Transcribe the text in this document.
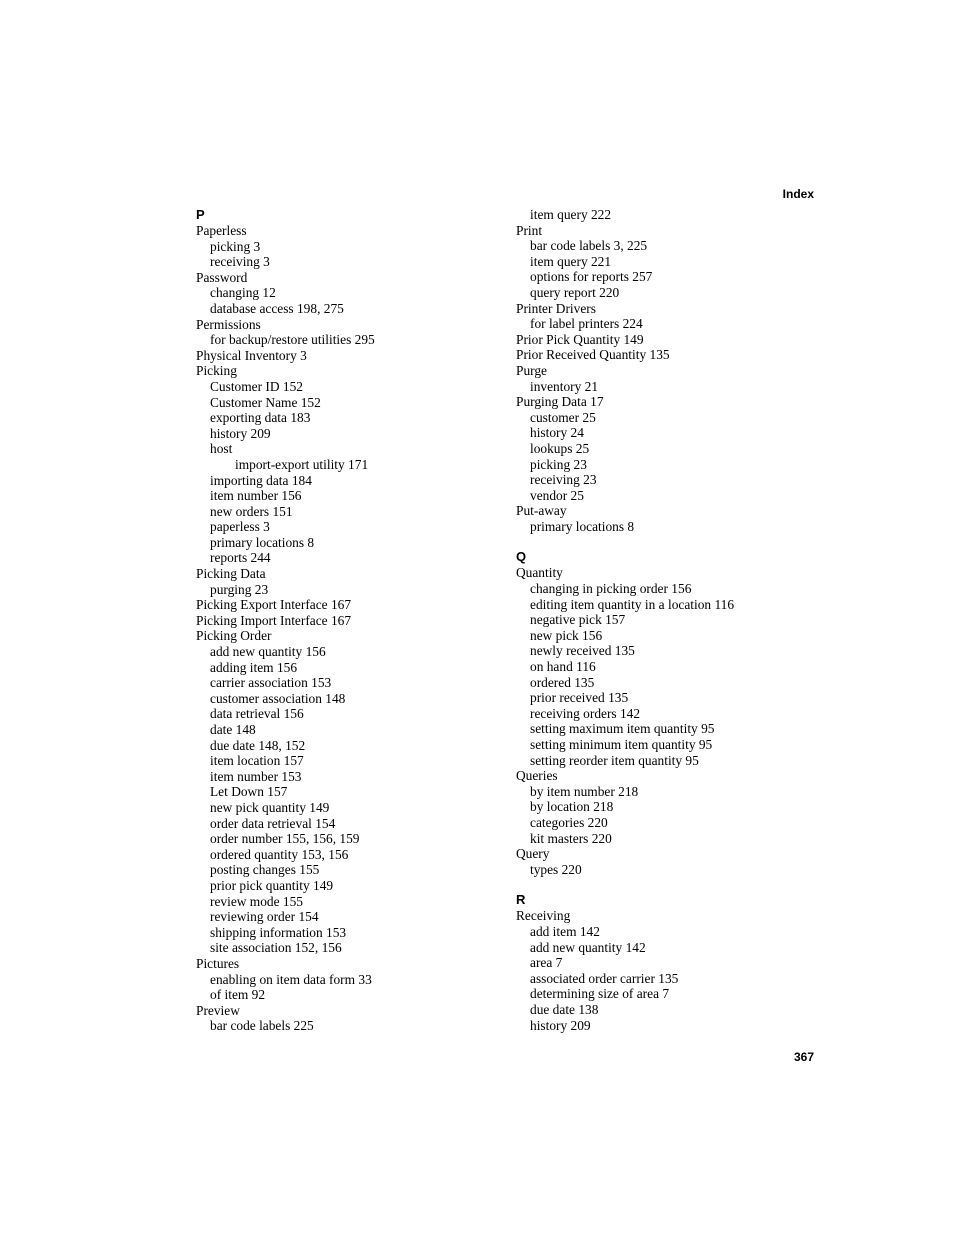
Index
P
Paperless
picking 3
receiving 3
Password
changing 12
database access 198, 275
Permissions
for backup/restore utilities 295
Physical Inventory 3
Picking
Customer ID 152
Customer Name 152
exporting data 183
history 209
host
import-export utility 171
importing data 184
item number 156
new orders 151
paperless 3
primary locations 8
reports 244
Picking Data
purging 23
Picking Export Interface 167
Picking Import Interface 167
Picking Order
add new quantity 156
adding item 156
carrier association 153
customer association 148
data retrieval 156
date 148
due date 148, 152
item location 157
item number 153
Let Down 157
new pick quantity 149
order data retrieval 154
order number 155, 156, 159
ordered quantity 153, 156
posting changes 155
prior pick quantity 149
review mode 155
reviewing order 154
shipping information 153
site association 152, 156
Pictures
enabling on item data form 33
of item 92
Preview
bar code labels 225
item query 222
Print
bar code labels 3, 225
item query 221
options for reports 257
query report 220
Printer Drivers
for label printers 224
Prior Pick Quantity 149
Prior Received Quantity 135
Purge
inventory 21
Purging Data 17
customer 25
history 24
lookups 25
picking 23
receiving 23
vendor 25
Put-away
primary locations 8
Q
Quantity
changing in picking order 156
editing item quantity in a location 116
negative pick 157
new pick 156
newly received 135
on hand 116
ordered 135
prior received 135
receiving orders 142
setting maximum item quantity 95
setting minimum item quantity 95
setting reorder item quantity 95
Queries
by item number 218
by location 218
categories 220
kit masters 220
Query
types 220
R
Receiving
add item 142
add new quantity 142
area 7
associated order carrier 135
determining size of area 7
due date 138
history 209
367
